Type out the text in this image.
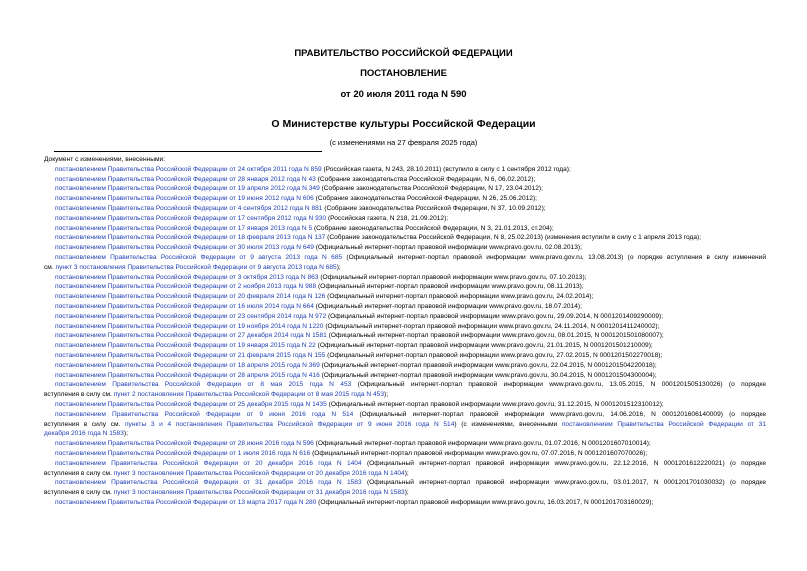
ПРАВИТЕЛЬСТВО РОССИЙСКОЙ ФЕДЕРАЦИИ
ПОСТАНОВЛЕНИЕ
от 20 июля 2011 года N 590
О Министерстве культуры Российской Федерации
(с изменениями на 27 февраля 2025 года)
Документ с изменениями, внесенными:
постановлением Правительства Российской Федерации от 24 октября 2011 года N 859 (Российская газета, N 243, 28.10.2011) (вступило в силу с 1 сентября 2012 года);
постановлением Правительства Российской Федерации от 28 января 2012 года N 43 (Собрание законодательства Российской Федерации, N 6, 06.02.2012);
постановлением Правительства Российской Федерации от 19 апреля 2012 года N 349 (Собрание законодательства Российской Федерации, N 17, 23.04.2012);
постановлением Правительства Российской Федерации от 19 июня 2012 года N 606 (Собрание законодательства Российской Федерации, N 26, 25.06.2012);
постановлением Правительства Российской Федерации от 4 сентября 2012 года N 881 (Собрание законодательства Российской Федерации, N 37, 10.09.2012);
постановлением Правительства Российской Федерации от 17 сентября 2012 года N 930 (Российская газета, N 218, 21.09.2012);
постановлением Правительства Российской Федерации от 17 января 2013 года N 5 (Собрание законодательства Российской Федерации, N 3, 21.01.2013, ст.204);
постановлением Правительства Российской Федерации от 18 февраля 2013 года N 137 (Собрание законодательства Российской Федерации, N 8, 25.02.2013) (изменения вступили в силу с 1 апреля 2013 года);
постановлением Правительства Российской Федерации от 30 июля 2013 года N 649 (Официальный интернет-портал правовой информации www.pravo.gov.ru, 02.08.2013);
постановлением Правительства Российской Федерации от 9 августа 2013 года N 685 (Официальный интернет-портал правовой информации www.pravo.gov.ru, 13.08.2013) (о порядке вступления в силу изменений
см. пункт 3 постановления Правительства Российской Федерации от 9 августа 2013 года N 685);
постановлением Правительства Российской Федерации от 3 октября 2013 года N 863 (Официальный интернет-портал правовой информации www.pravo.gov.ru, 07.10.2013);
постановлением Правительства Российской Федерации от 2 ноября 2013 года N 988 (Официальный интернет-портал правовой информации www.pravo.gov.ru, 08.11.2013);
постановлением Правительства Российской Федерации от 20 февраля 2014 года N 126 (Официальный интернет-портал правовой информации www.pravo.gov.ru, 24.02.2014);
постановлением Правительства Российской Федерации от 16 июля 2014 года N 664 (Официальный интернет-портал правовой информации www.pravo.gov.ru, 18.07.2014);
постановлением Правительства Российской Федерации от 23 сентября 2014 года N 972 (Официальный интернет-портал правовой информации www.pravo.gov.ru, 29.09.2014, N 0001201409290009);
постановлением Правительства Российской Федерации от 19 ноября 2014 года N 1220 (Официальный интернет-портал правовой информации www.pravo.gov.ru, 24.11.2014, N 0001201411240002);
постановлением Правительства Российской Федерации от 27 декабря 2014 года N 1581 (Официальный интернет-портал правовой информации www.pravo.gov.ru, 08.01.2015, N 0001201501080007);
постановлением Правительства Российской Федерации от 19 января 2015 года N 22 (Официальный интернет-портал правовой информации www.pravo.gov.ru, 21.01.2015, N 0001201501210009);
постановлением Правительства Российской Федерации от 21 февраля 2015 года N 155 (Официальный интернет-портал правовой информации www.pravo.gov.ru, 27.02.2015, N 0001201502270018);
постановлением Правительства Российской Федерации от 18 апреля 2015 года N 369 (Официальный интернет-портал правовой информации www.pravo.gov.ru, 22.04.2015, N 0001201504220018);
постановлением Правительства Российской Федерации от 28 апреля 2015 года N 416 (Официальный интернет-портал правовой информации www.pravo.gov.ru, 30.04.2015, N 0001201504300004);
постановлением Правительства Российской Федерации от 8 мая 2015 года N 453 (Официальный интернет-портал правовой информации www.pravo.gov.ru, 13.05.2015, N 0001201505130026) (о порядке
вступления в силу см. пункт 2 постановления Правительства Российской Федерации от 8 мая 2015 года N 453);
постановлением Правительства Российской Федерации от 25 декабря 2015 года N 1435 (Официальный интернет-портал правовой информации www.pravo.gov.ru, 31.12.2015, N 0001201512310012);
постановлением Правительства Российской Федерации от 9 июня 2016 года N 514 (Официальный интернет-портал правовой информации www.pravo.gov.ru, 14.06.2016, N 0001201606140009) (о порядке
вступления в силу см. пункты 3 и 4 постановления Правительства Российской Федерации от 9 июня 2016 года N 514) (с изменениями, внесенными постановлением Правительства Российской Федерации от 31
декабря 2016 года N 1583);
постановлением Правительства Российской Федерации от 28 июня 2016 года N 596 (Официальный интернет-портал правовой информации www.pravo.gov.ru, 01.07.2016, N 0001201607010014);
постановлением Правительства Российской Федерации от 1 июля 2016 года N 616 (Официальный интернет-портал правовой информации www.pravo.gov.ru, 07.07.2016, N 0001201607070026);
постановлением Правительства Российской Федерации от 20 декабря 2016 года N 1404 (Официальный интернет-портал правовой информации www.pravo.gov.ru, 22.12.2016, N 0001201612220021) (о порядке
вступления в силу см. пункт 3 постановления Правительства Российской Федерации от 20 декабря 2016 года N 1404);
постановлением Правительства Российской Федерации от 31 декабря 2016 года N 1583 (Официальный интернет-портал правовой информации www.pravo.gov.ru, 03.01.2017, N 0001201701030032) (о порядке
вступления в силу см. пункт 3 постановления Правительства Российской Федерации от 31 декабря 2016 года N 1583);
постановлением Правительства Российской Федерации от 13 марта 2017 года N 280 (Официальный интернет-портал правовой информации www.pravo.gov.ru, 16.03.2017, N 0001201703160029);
